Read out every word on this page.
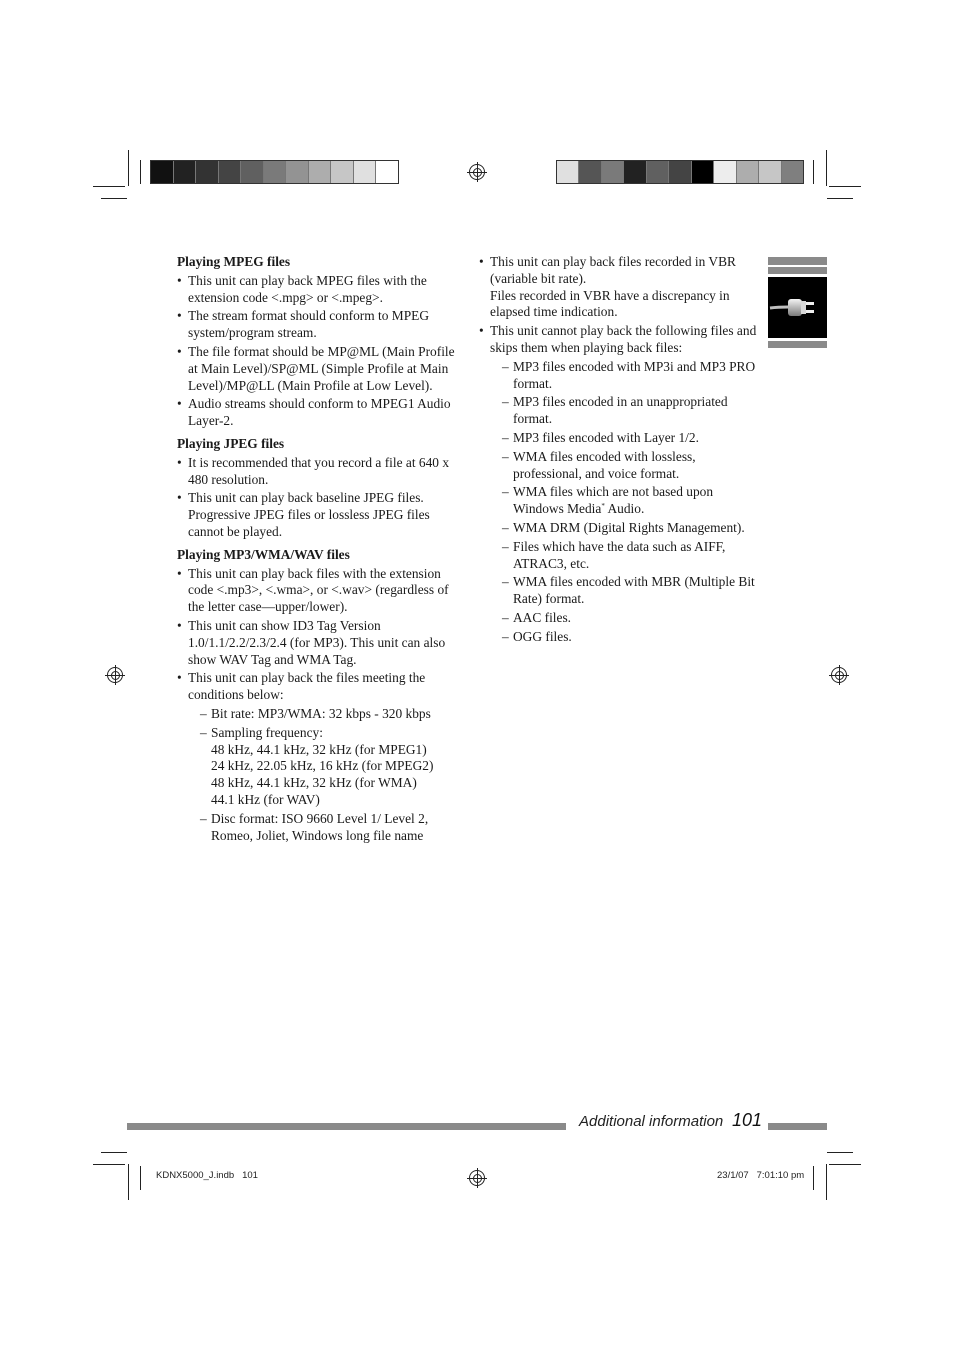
Playing MPEG files
• This unit can play back MPEG files with the extension code <.mpg> or <.mpeg>.
• The stream format should conform to MPEG system/program stream.
• The file format should be MP@ML (Main Profile at Main Level)/SP@ML (Simple Profile at Main Level)/MP@LL (Main Profile at Low Level).
• Audio streams should conform to MPEG1 Audio Layer-2.
Playing JPEG files
• It is recommended that you record a file at 640 x 480 resolution.
• This unit can play back baseline JPEG files. Progressive JPEG files or lossless JPEG files cannot be played.
Playing MP3/WMA/WAV files
• This unit can play back files with the extension code <.mp3>, <.wma>, or <.wav> (regardless of the letter case—upper/lower).
• This unit can show ID3 Tag Version 1.0/1.1/2.2/2.3/2.4 (for MP3). This unit can also show WAV Tag and WMA Tag.
• This unit can play back the files meeting the conditions below:
– Bit rate: MP3/WMA: 32 kbps - 320 kbps
– Sampling frequency:
48 kHz, 44.1 kHz, 32 kHz (for MPEG1)
24 kHz, 22.05 kHz, 16 kHz (for MPEG2)
48 kHz, 44.1 kHz, 32 kHz (for WMA)
44.1 kHz (for WAV)
– Disc format: ISO 9660 Level 1/ Level 2, Romeo, Joliet, Windows long file name
• This unit can play back files recorded in VBR (variable bit rate).
Files recorded in VBR have a discrepancy in elapsed time indication.
• This unit cannot play back the following files and skips them when playing back files:
– MP3 files encoded with MP3i and MP3 PRO format.
– MP3 files encoded in an unappropriated format.
– MP3 files encoded with Layer 1/2.
– WMA files encoded with lossless, professional, and voice format.
– WMA files which are not based upon Windows Media* Audio.
– WMA DRM (Digital Rights Management).
– Files which have the data such as AIFF, ATRAC3, etc.
– WMA files encoded with MBR (Multiple Bit Rate) format.
– AAC files.
– OGG files.
Additional information 101
KDNX5000_J.indb   101	23/1/07   7:01:10 pm
